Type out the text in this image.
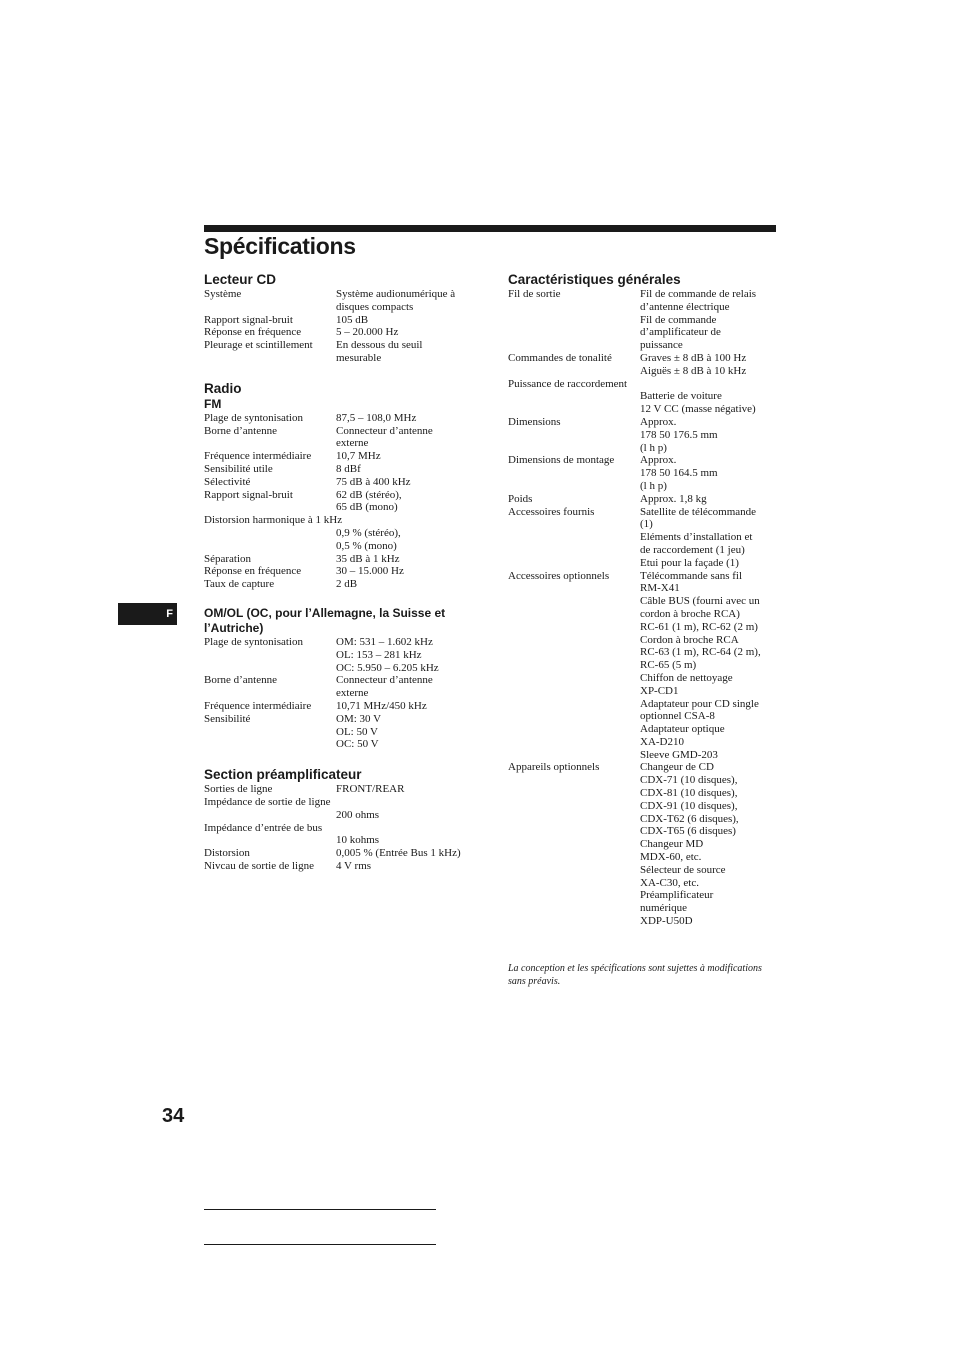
Spécifications
Lecteur CD
Système	Système audionumérique à
disques compacts
Rapport signal-bruit	105 dB
Réponse en fréquence	5 – 20.000 Hz
Pleurage et scintillement	En dessous du seuil
mesurable
Radio
FM
Plage de syntonisation	87,5 – 108,0 MHz
Borne d’antenne	Connecteur d’antenne
externe
Fréquence intermédiaire	10,7 MHz
Sensibilité utile	8 dBf
Sélectivité	75 dB à 400 kHz
Rapport signal-bruit	62 dB (stéréo),
65 dB (mono)
Distorsion harmonique à 1 kHz
0,9 % (stéréo),
0,5 % (mono)
Séparation	35 dB à 1 kHz
Réponse en fréquence	30 – 15.000 Hz
Taux de capture	2 dB
OM/OL (OC, pour l’Allemagne, la Suisse et l’Autriche)
Plage de syntonisation	OM: 531 – 1.602 kHz
OL: 153 – 281 kHz
OC: 5.950 – 6.205 kHz
Borne d’antenne	Connecteur d’antenne
externe
Fréquence intermédiaire	10,71 MHz/450 kHz
Sensibilité	OM: 30 V
OL: 50 V
OC: 50 V
Section préamplificateur
Sorties de ligne	FRONT/REAR
Impédance de sortie de ligne
200 ohms
Impédance d’entrée de bus
10 kohms
Distorsion	0,005 % (Entrée Bus 1 kHz)
Nivcau de sortie de ligne	4 V rms
Caractéristiques générales
Fil de sortie	Fil de commande de relais
d’antenne électrique
Fil de commande
d’amplificateur de
puissance
Commandes de tonalité	Graves ± 8 dB à 100 Hz
Aiguës ± 8 dB à 10 kHz
Puissance de raccordement
Batterie de voiture
12 V CC (masse négative)
Dimensions	Approx.
178 50 176.5 mm
(l h p)
Dimensions de montage	Approx.
178 50 164.5 mm
(l h p)
Poids	Approx. 1,8 kg
Accessoires fournis	Satellite de télécommande
(1)
Eléments d’installation et
de raccordement (1 jeu)
Etui pour la façade (1)
Accessoires optionnels	Télécommande sans fil
RM-X41
Câble BUS (fourni avec un
cordon à broche RCA)
RC-61 (1 m), RC-62 (2 m)
Cordon à broche RCA
RC-63 (1 m), RC-64 (2 m),
RC-65 (5 m)
Chiffon de nettoyage
XP-CD1
Adaptateur pour CD single
optionnel CSA-8
Adaptateur optique
XA-D210
Sleeve GMD-203
Appareils optionnels	Changeur de CD
CDX-71 (10 disques),
CDX-81 (10 disques),
CDX-91 (10 disques),
CDX-T62 (6 disques),
CDX-T65 (6 disques)
Changeur MD
MDX-60, etc.
Sélecteur de source
XA-C30, etc.
Préamplificateur
numérique
XDP-U50D
La conception et les spécifications sont sujettes à modifications sans préavis.
F
34
